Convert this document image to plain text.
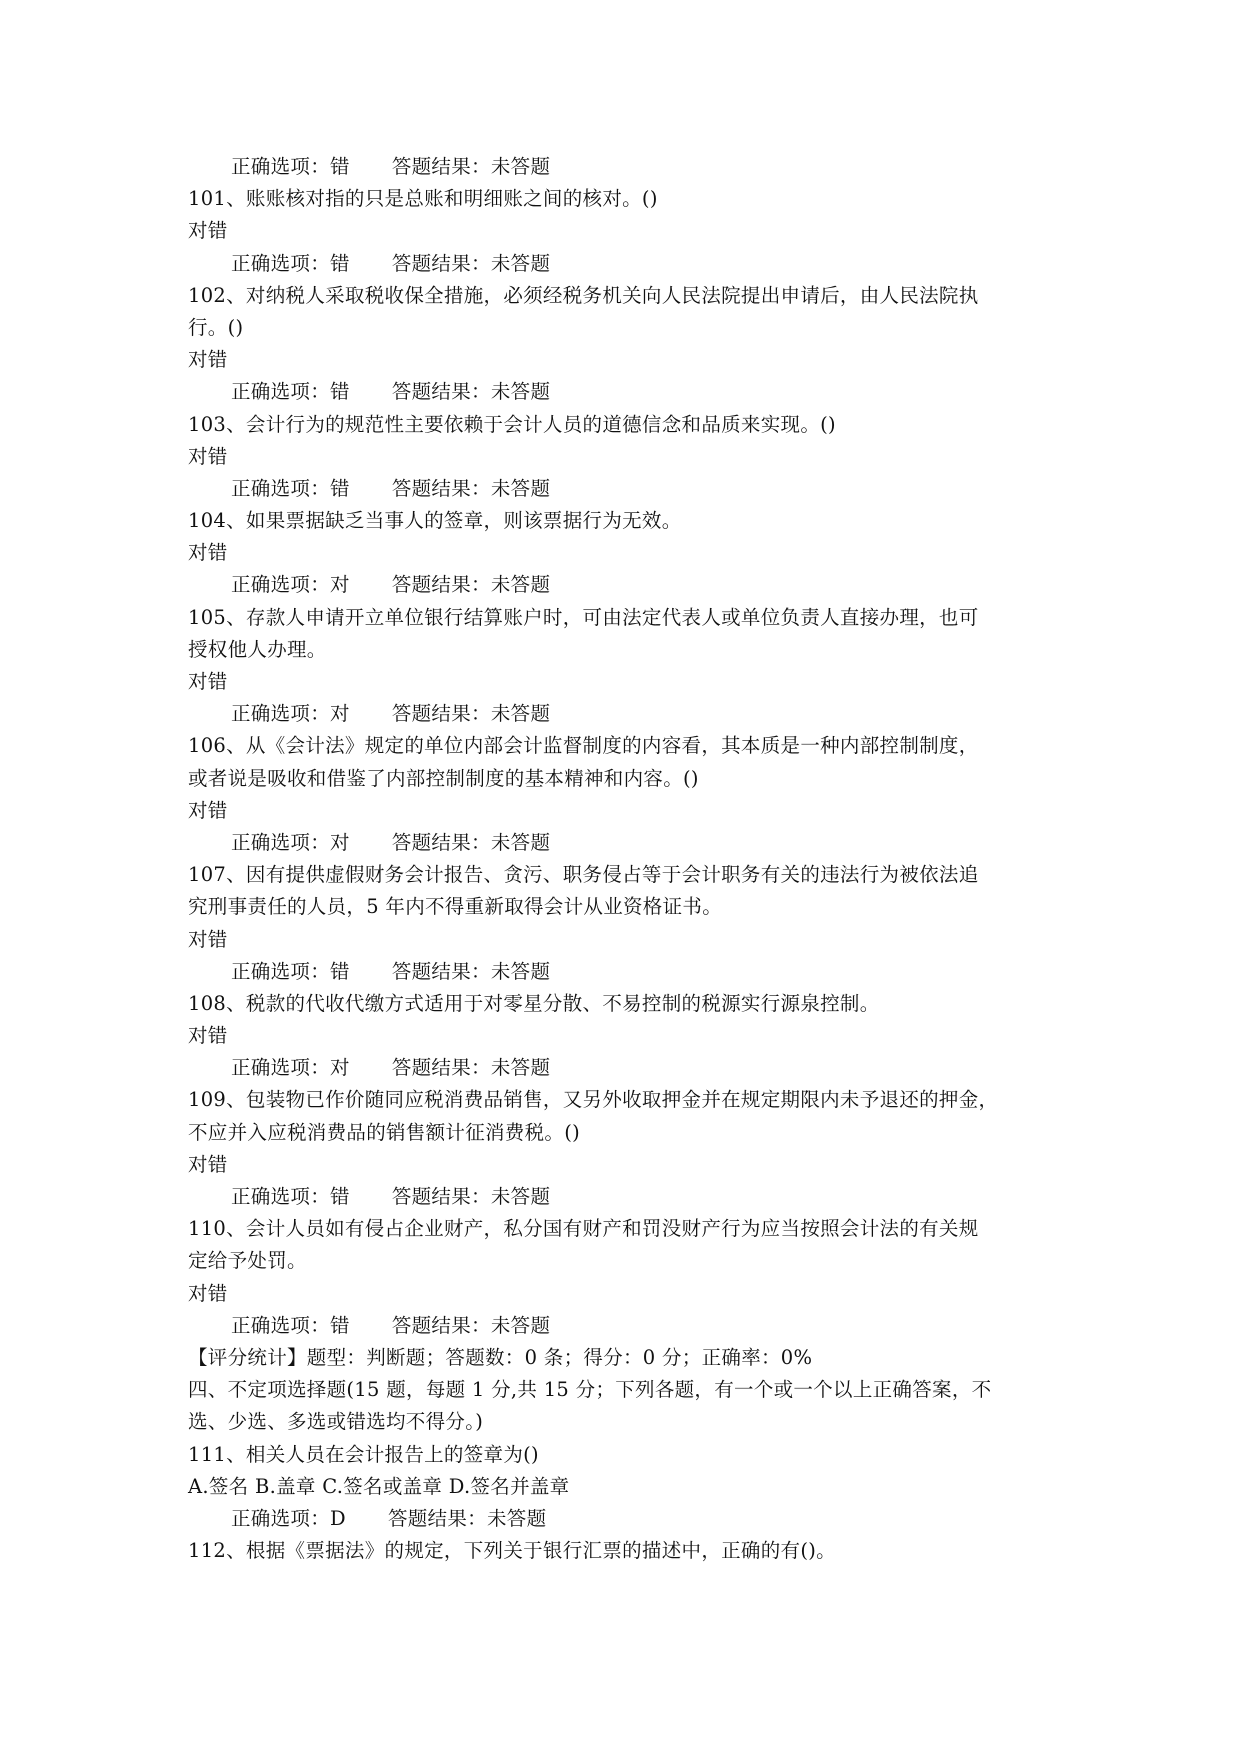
正确选项：错 答题结果：未答题
101、账账核对指的只是总账和明细账之间的核对。()
对错
正确选项：错 答题结果：未答题
102、对纳税人采取税收保全措施，必须经税务机关向人民法院提出申请后，由人民法院执
行。()
对错
正确选项：错 答题结果：未答题
103、会计行为的规范性主要依赖于会计人员的道德信念和品质来实现。()
对错
正确选项：错 答题结果：未答题
104、如果票据缺乏当事人的签章，则该票据行为无效。
对错
正确选项：对 答题结果：未答题
105、存款人申请开立单位银行结算账户时，可由法定代表人或单位负责人直接办理，也可
授权他人办理。
对错
正确选项：对 答题结果：未答题
106、从《会计法》规定的单位内部会计监督制度的内容看，其本质是一种内部控制制度，
或者说是吸收和借鉴了内部控制制度的基本精神和内容。()
对错
正确选项：对 答题结果：未答题
107、因有提供虚假财务会计报告、贪污、职务侵占等于会计职务有关的违法行为被依法追
究刑事责任的人员，5 年内不得重新取得会计从业资格证书。
对错
正确选项：错 答题结果：未答题
108、税款的代收代缴方式适用于对零星分散、不易控制的税源实行源泉控制。
对错
正确选项：对 答题结果：未答题
109、包装物已作价随同应税消费品销售，又另外收取押金并在规定期限内未予退还的押金，
不应并入应税消费品的销售额计征消费税。()
对错
正确选项：错 答题结果：未答题
110、会计人员如有侵占企业财产，私分国有财产和罚没财产行为应当按照会计法的有关规
定给予处罚。
对错
正确选项：错 答题结果：未答题
【评分统计】题型：判断题；答题数：0 条；得分：0 分；正确率：0%
四、不定项选择题(15 题，每题 1 分,共 15 分；下列各题，有一个或一个以上正确答案，不
选、少选、多选或错选均不得分。)
111、相关人员在会计报告上的签章为()
A.签名 B.盖章 C.签名或盖章 D.签名并盖章
正确选项：D 答题结果：未答题
112、根据《票据法》的规定，下列关于银行汇票的描述中，正确的有()。
